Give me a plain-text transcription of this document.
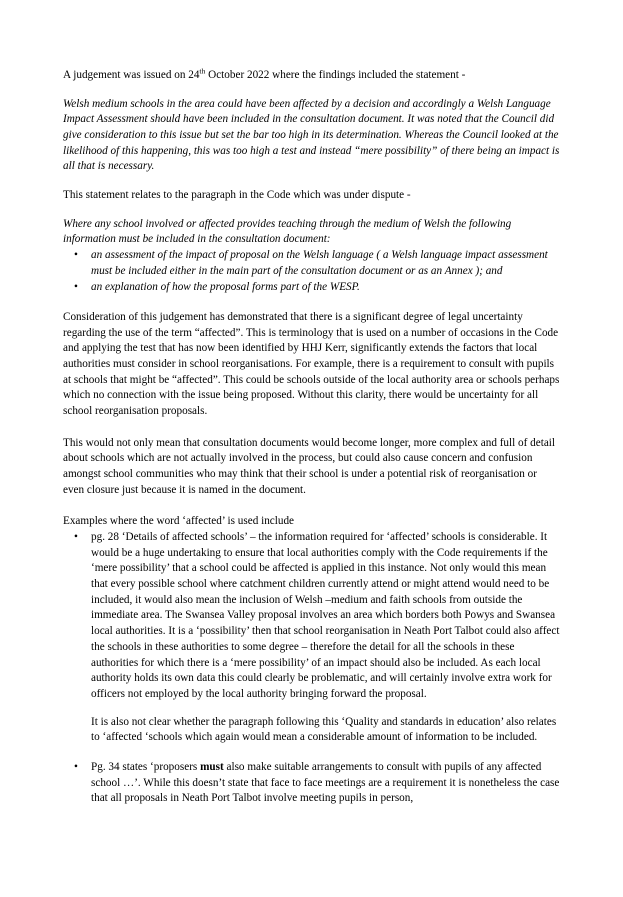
A judgement was issued on 24th October 2022 where the findings included the statement -

Welsh medium schools in the area could have been affected by a decision and accordingly a Welsh Language Impact Assessment should have been included in the consultation document. It was noted that the Council did give consideration to this issue but set the bar too high in its determination. Whereas the Council looked at the likelihood of this happening, this was too high a test and instead “mere possibility” of there being an impact is all that is necessary.

This statement relates to the paragraph in the Code which was under dispute -

Where any school involved or affected provides teaching through the medium of Welsh the following information must be included in the consultation document:

• an assessment of the impact of proposal on the Welsh language ( a Welsh language impact assessment must be included either in the main part of the consultation document or as an Annex ); and
• an explanation of how the proposal forms part of the WESP.

Consideration of this judgement has demonstrated that there is a significant degree of legal uncertainty regarding the use of the term “affected”. This is terminology that is used on a number of occasions in the Code and applying the test that has now been identified by HHJ Kerr, significantly extends the factors that local authorities must consider in school reorganisations. For example, there is a requirement to consult with pupils at schools that might be “affected”. This could be schools outside of the local authority area or schools perhaps which no connection with the issue being proposed. Without this clarity, there would be uncertainty for all school reorganisation proposals.

This would not only mean that consultation documents would become longer, more complex and full of detail about schools which are not actually involved in the process, but could also cause concern and confusion amongst school communities who may think that their school is under a potential risk of reorganisation or even closure just because it is named in the document.

Examples where the word ‘affected’ is used include

• pg. 28 ‘Details of affected schools’ – the information required for ‘affected’ schools is considerable. It would be a huge undertaking to ensure that local authorities comply with the Code requirements if the ‘mere possibility’ that a school could be affected is applied in this instance. Not only would this mean that every possible school where catchment children currently attend or might attend would need to be included, it would also mean the inclusion of Welsh –medium and faith schools from outside the immediate area. The Swansea Valley proposal involves an area which borders both Powys and Swansea local authorities. It is a ‘possibility’ then that school reorganisation in Neath Port Talbot could also affect the schools in these authorities to some degree – therefore the detail for all the schools in these authorities for which there is a ‘mere possibility’ of an impact should also be included. As each local authority holds its own data this could clearly be problematic, and will certainly involve extra work for officers not employed by the local authority bringing forward the proposal.
It is also not clear whether the paragraph following this ‘Quality and standards in education’ also relates to ‘affected ‘schools which again would mean a considerable amount of information to be included.
• Pg. 34 states ‘proposers must also make suitable arrangements to consult with pupils of any affected school …’. While this doesn’t state that face to face meetings are a requirement it is nonetheless the case that all proposals in Neath Port Talbot involve meeting pupils in person,
